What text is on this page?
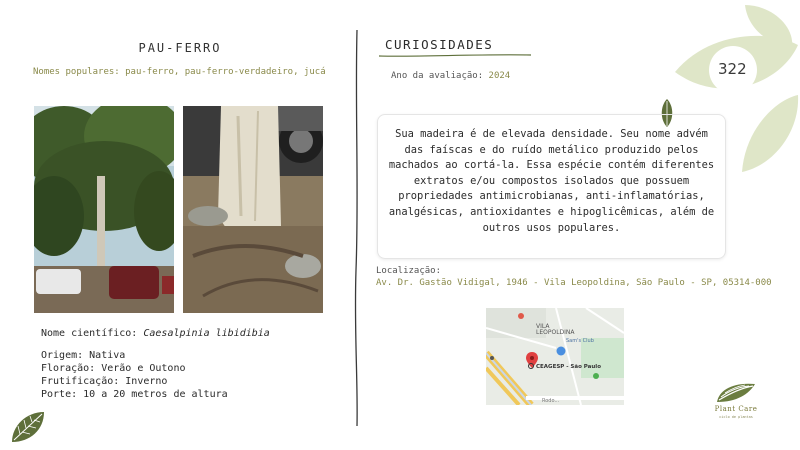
PAU-FERRO
Nomes populares: pau-ferro, pau-ferro-verdadeiro, jucá
Nome científico: Caesalpinia libidibia
Origem: Nativa
Floração: Verão e Outono
Frutificação: Inverno
Porte: 10 a 20 metros de altura
CURIOSIDADES
Ano da avaliação: 2024
Sua madeira é de elevada densidade. Seu nome advém das faíscas e do ruído metálico produzido pelos machados ao cortá-la. Essa espécie contém diferentes extratos e/ou compostos isolados que possuem propriedades antimicrobianas, anti-inflamatórias, analgésicas, antioxidantes e hipoglicêmicas, além de outros usos populares.
Localização:
Av. Dr. Gastão Vidigal, 1946 - Vila Leopoldina, São Paulo - SP, 05314-000
VILA
LEOPOLDINA
Sam's Club
CEAGESP - São Paulo
Rodo...
322
Plant Care
ciclo de plantas
